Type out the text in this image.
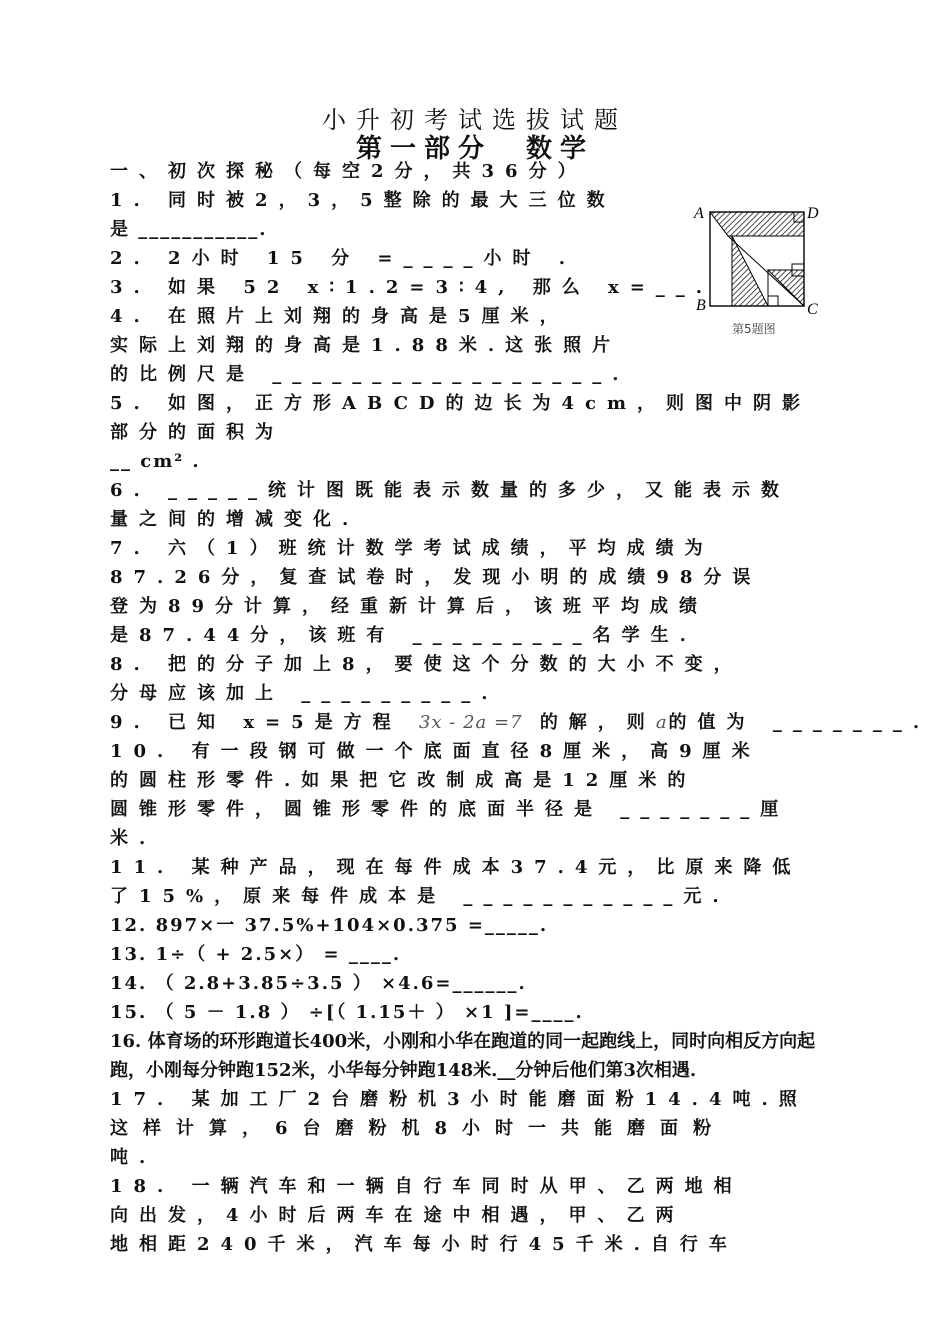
小升初考试选拔试题
第一部分　数学
一、初次探秘（每空2分，共36分）
A	D
B	C
第5题图
1. 同时被2，3，5整除的最大三位数
是 ___________.
2. 2小时 15 分 =____小时 .
3. 如果 52 x∶1.2=3∶4, 那么 x=__.
4. 在照片上刘翔的身高是5厘米，
实际上刘翔的身高是1.88米.这张照片
的比例尺是 _________________.
5. 如图，正方形ABCD的边长为4cm，则图中阴影
部分的面积为
__ cm² .
6. _____统计图既能表示数量的多少，又能表示数
量之间的增减变化.
7. 六（1）班统计数学考试成绩，平均成绩为
87.26分，复查试卷时，发现小明的成绩98分误
登为89分计算，经重新计算后，该班平均成绩
是87.44分，该班有 _________名学生.
8. 把的分子加上8，要使这个分数的大小不变，
分母应该加上 _________.
9. 已知 x=5是方程 3x - 2a =7 的解，则a的值为 _______.
10. 有一段钢可做一个底面直径8厘米，高9厘米
的圆柱形零件.如果把它改制成高是12厘米的
圆锥形零件，圆锥形零件的底面半径是 _______厘
米.
11. 某种产品，现在每件成本37.4元，比原来降低
了15%，原来每件成本是 ___________元.
12. 897×一 37.5%+104×0.375 =_____.
13. 1÷（ + 2.5×） = ____.
14. （ 2.8+3.85÷3.5 ） ×4.6=______.
15. （ 5 － 1.8 ） ÷[（ 1.15＋ ） ×1 ]=____.
16. 体育场的环形跑道长400米，小刚和小华在跑道的同一起跑线上，同时向相反方向起
跑，小刚每分钟跑152米，小华每分钟跑148米.__分钟后他们第3次相遇.
17. 某加工厂2台磨粉机3小时能磨面粉14.4吨.照
这样计算，6台磨粉机8小时一共能磨面粉
吨.
18. 一辆汽车和一辆自行车同时从甲、乙两地相
向出发，4小时后两车在途中相遇，甲、乙两
地相距240千米，汽车每小时行45千米.自行车
